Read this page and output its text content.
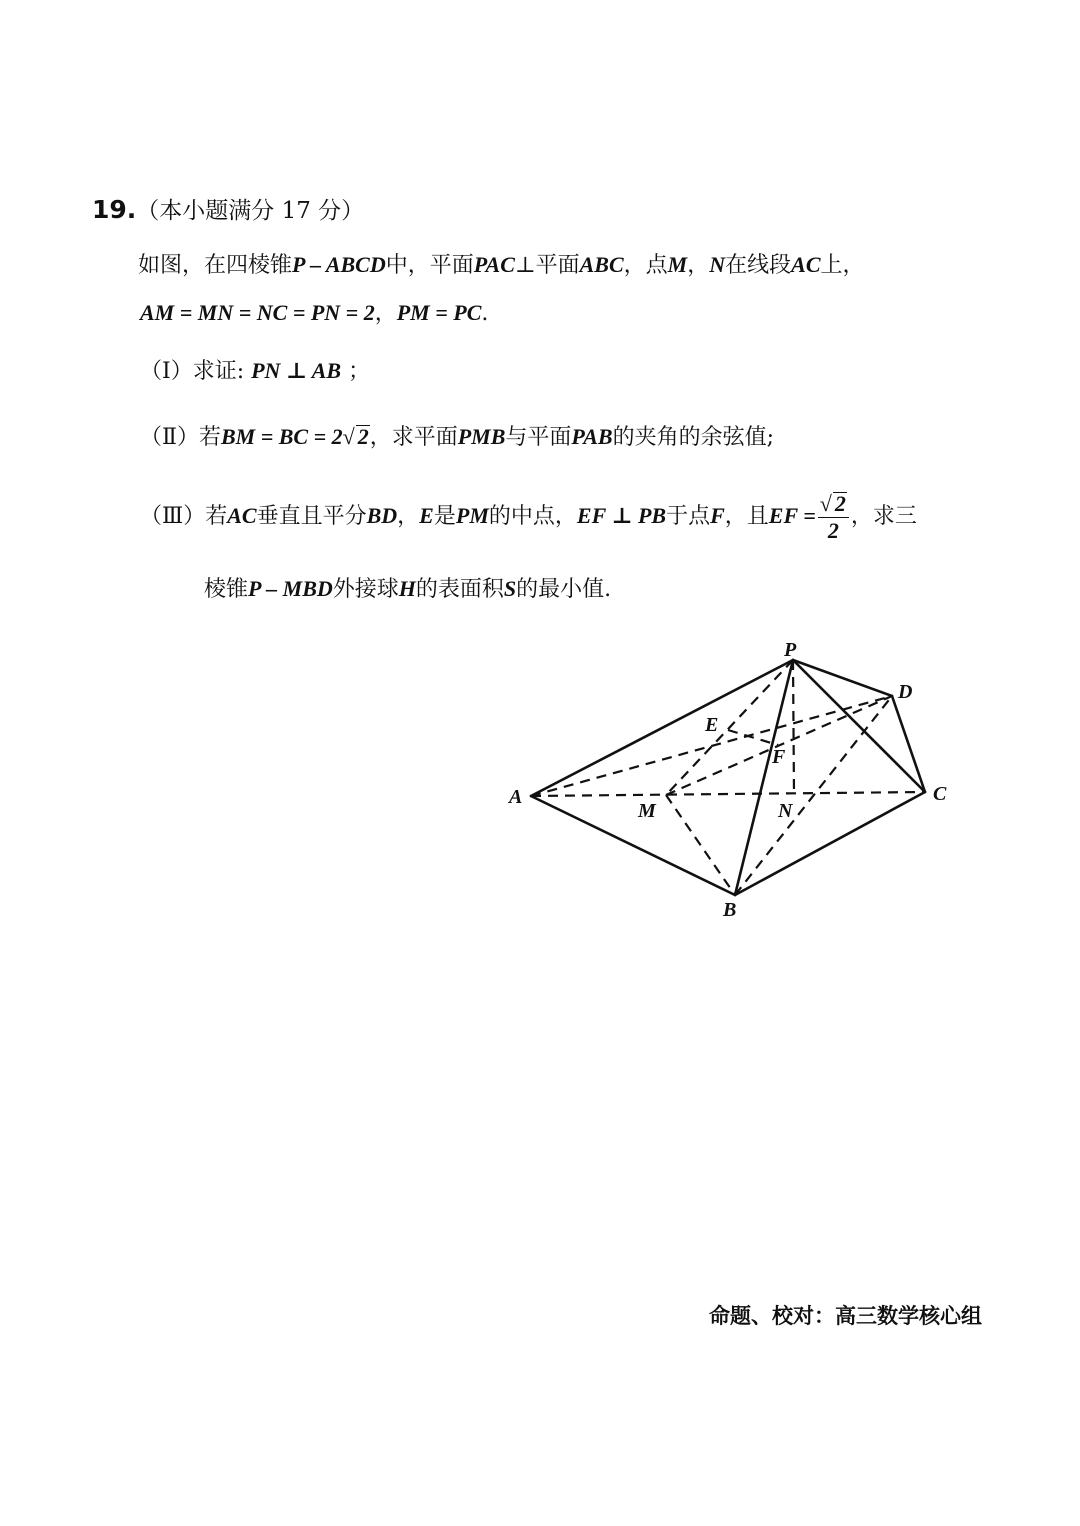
19.（本小题满分 17 分）
如图，在四棱锥P – ABCD中，平面PAC⊥平面ABC，点M，N在线段AC上，
AM = MN = NC = PN = 2，PM = PC.
（Ⅰ）求证: PN ⊥ AB ；
（Ⅱ）若BM = BC = 2√ 2，求平面PMB与平面PAB的夹角的余弦值;
（Ⅲ）若AC垂直且平分BD，E是PM的中点，EF ⊥ PB于点F，且EF = $\frac{√ 2}{2}$ ，求三
棱锥P – MBD外接球H的表面积S的最小值.
P
D
E
F
A
M	N
C
B
命题、校对：高三数学核心组
